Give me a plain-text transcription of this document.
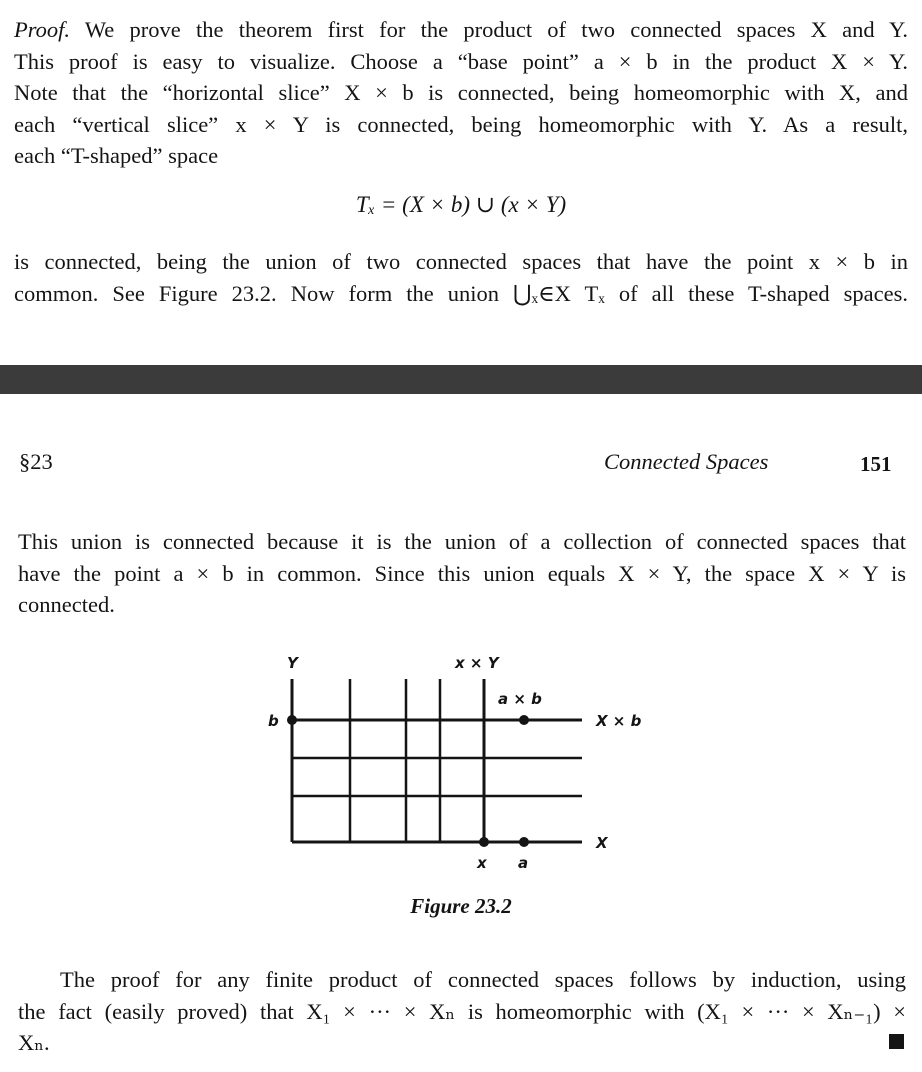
Proof. We prove the theorem first for the product of two connected spaces X and Y.
This proof is easy to visualize. Choose a “base point” a × b in the product X × Y.
Note that the “horizontal slice” X × b is connected, being homeomorphic with X, and
each “vertical slice” x × Y is connected, being homeomorphic with Y. As a result,
each “T-shaped” space

Tₓ = (X × b) ∪ (x × Y)

is connected, being the union of two connected spaces that have the point x × b in
common. See Figure 23.2. Now form the union ⋃ₓ∈X Tₓ of all these T-shaped spaces.

§23	Connected Spaces	151

This union is connected because it is the union of a collection of connected spaces that
have the point a × b in common. Since this union equals X × Y, the space X × Y is
connected.

Y	x × Y
a × b
X × b
b
X
x a
Figure 23.2

The proof for any finite product of connected spaces follows by induction, using
the fact (easily proved) that X₁ × ··· × Xₙ is homeomorphic with (X₁ × ··· × Xₙ₋₁) ×
Xₙ.
